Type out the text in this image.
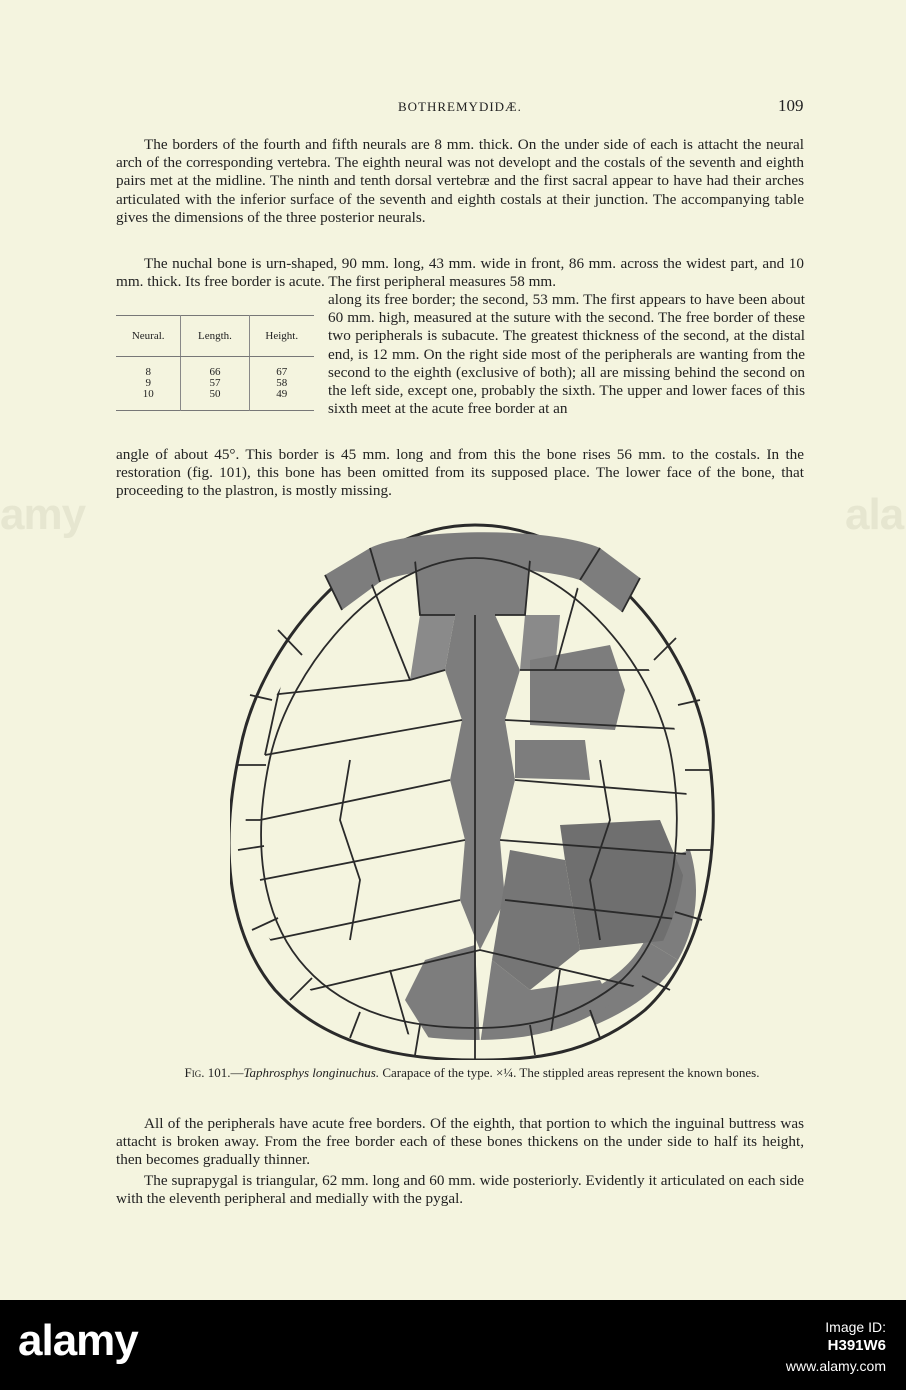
BOTHREMYDIDÆ.	109

The borders of the fourth and fifth neurals are 8 mm. thick. On the under side of each is attacht the neural arch of the corresponding vertebra. The eighth neural was not developt and the costals of the seventh and eighth pairs met at the midline. The ninth and tenth dorsal vertebræ and the first sacral appear to have had their arches articulated with the inferior surface of the seventh and eighth costals at their junction. The accompanying table gives the dimensions of the three posterior neurals.

The nuchal bone is urn-shaped, 90 mm. long, 43 mm. wide in front, 86 mm. across the widest part, and 10 mm. thick. Its free border is acute. The first peripheral measures 58 mm.

along its free border; the second, 53 mm. The first appears to have been about 60 mm. high, measured at the suture with the second. The free border of these two peripherals is subacute. The greatest thickness of the second, at the distal end, is 12 mm. On the right side most of the peripherals are wanting from the second to the eighth (exclusive of both); all are missing behind the second on the left side, except one, probably the sixth. The upper and lower faces of this sixth meet at the acute free border at an

angle of about 45°. This border is 45 mm. long and from this the bone rises 56 mm. to the costals. In the restoration (fig. 101), this bone has been omitted from its supposed place. The lower face of the bone, that proceeding to the plastron, is mostly missing.

Neural.	Length.	Height.

8	66	67
9	57	58
10	50	49

Fig. 101.—Taphrosphys longinuchus. Carapace of the type. ×¼. The stippled areas represent the known bones.

All of the peripherals have acute free borders. Of the eighth, that portion to which the inguinal buttress was attacht is broken away. From the free border each of these bones thickens on the under side to half its height, then becomes gradually thinner.

The suprapygal is triangular, 62 mm. long and 60 mm. wide posteriorly. Evidently it articulated on each side with the eleventh peripheral and medially with the pygal.

amy	ala
alamy	Image ID:
H391W6
www.alamy.com
